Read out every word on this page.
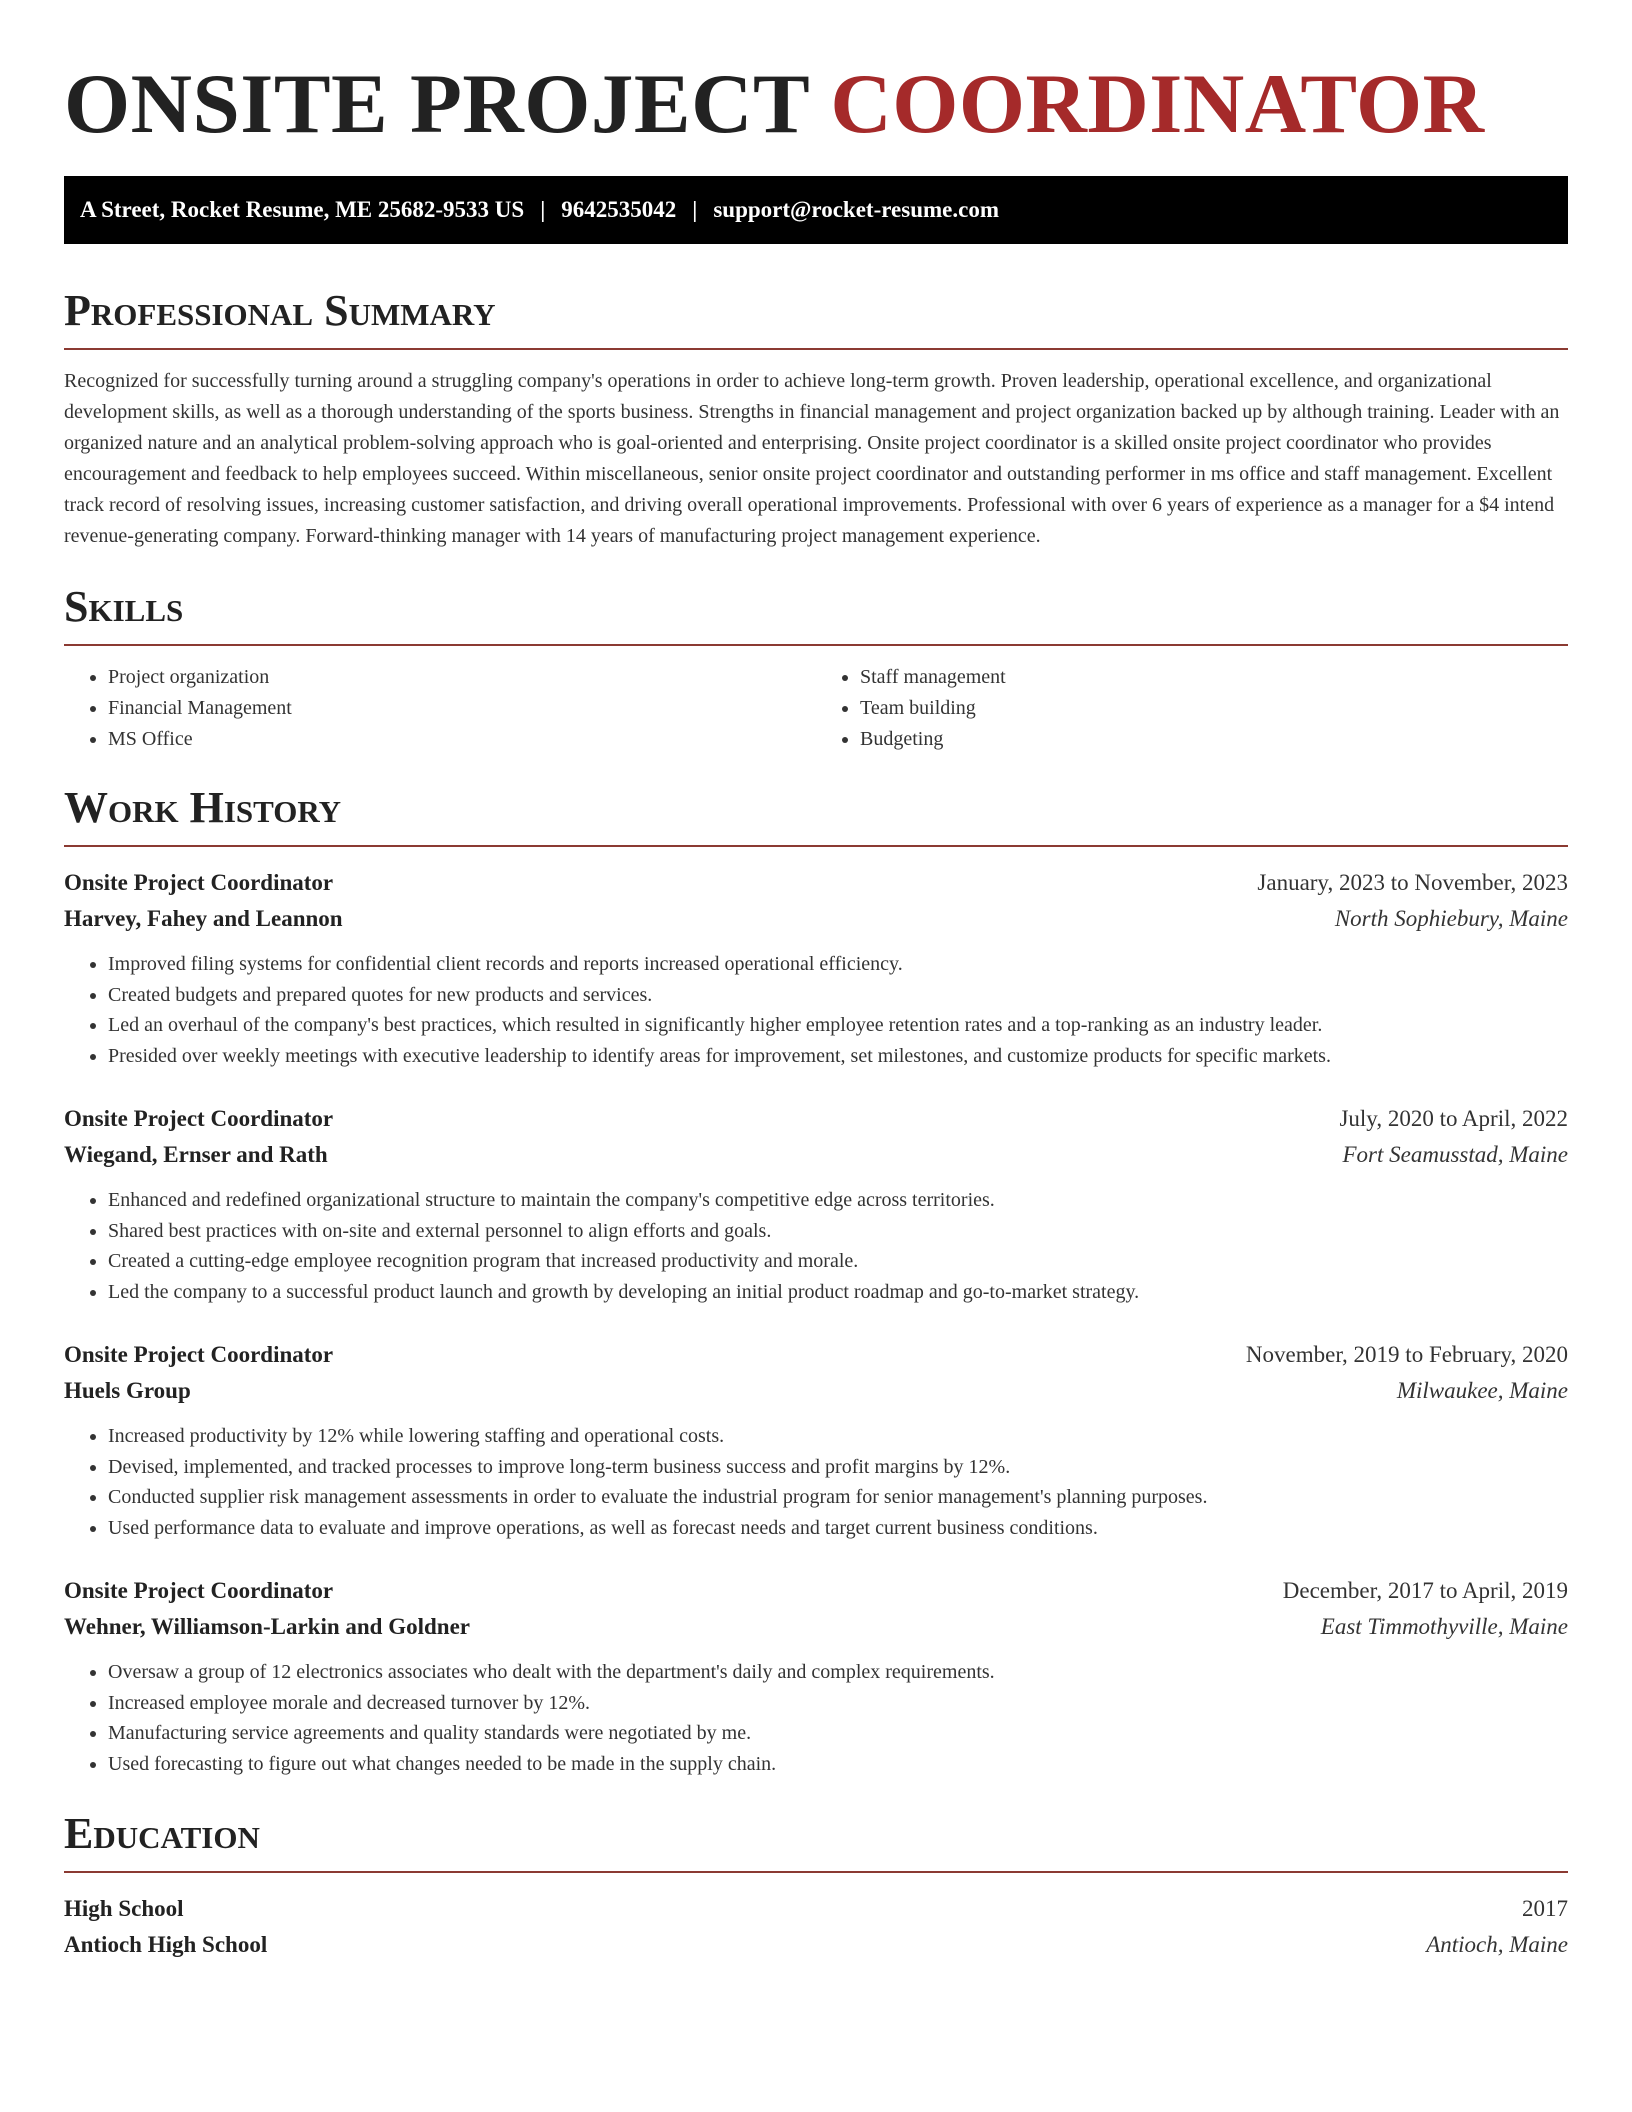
ONSITE PROJECT COORDINATOR
A Street, Rocket Resume, ME 25682-9533 US | 9642535042 | support@rocket-resume.com
Professional Summary

Recognized for successfully turning around a struggling company's operations in order to achieve long-term growth. Proven leadership, operational excellence, and organizational development skills, as well as a thorough understanding of the sports business. Strengths in financial management and project organization backed up by although training. Leader with an organized nature and an analytical problem-solving approach who is goal-oriented and enterprising. Onsite project coordinator is a skilled onsite project coordinator who provides encouragement and feedback to help employees succeed. Within miscellaneous, senior onsite project coordinator and outstanding performer in ms office and staff management. Excellent track record of resolving issues, increasing customer satisfaction, and driving overall operational improvements. Professional with over 6 years of experience as a manager for a $4 intend revenue-generating company. Forward-thinking manager with 14 years of manufacturing project management experience.

Skills
• Project organization
• Financial Management
• MS Office
• Staff management
• Team building
• Budgeting
Work History
Onsite Project Coordinator	January, 2023 to November, 2023
Harvey, Fahey and Leannon	North Sophiebury, Maine
• Improved filing systems for confidential client records and reports increased operational efficiency.
• Created budgets and prepared quotes for new products and services.
• Led an overhaul of the company's best practices, which resulted in significantly higher employee retention rates and a top-ranking as an industry leader.
• Presided over weekly meetings with executive leadership to identify areas for improvement, set milestones, and customize products for specific markets.
Onsite Project Coordinator	July, 2020 to April, 2022
Wiegand, Ernser and Rath	Fort Seamusstad, Maine
• Enhanced and redefined organizational structure to maintain the company's competitive edge across territories.
• Shared best practices with on-site and external personnel to align efforts and goals.
• Created a cutting-edge employee recognition program that increased productivity and morale.
• Led the company to a successful product launch and growth by developing an initial product roadmap and go-to-market strategy.
Onsite Project Coordinator	November, 2019 to February, 2020
Huels Group	Milwaukee, Maine
• Increased productivity by 12% while lowering staffing and operational costs.
• Devised, implemented, and tracked processes to improve long-term business success and profit margins by 12%.
• Conducted supplier risk management assessments in order to evaluate the industrial program for senior management's planning purposes.
• Used performance data to evaluate and improve operations, as well as forecast needs and target current business conditions.
Onsite Project Coordinator	December, 2017 to April, 2019
Wehner, Williamson-Larkin and Goldner	East Timmothyville, Maine
• Oversaw a group of 12 electronics associates who dealt with the department's daily and complex requirements.
• Increased employee morale and decreased turnover by 12%.
• Manufacturing service agreements and quality standards were negotiated by me.
• Used forecasting to figure out what changes needed to be made in the supply chain.
Education
High School	2017
Antioch High School	Antioch, Maine
